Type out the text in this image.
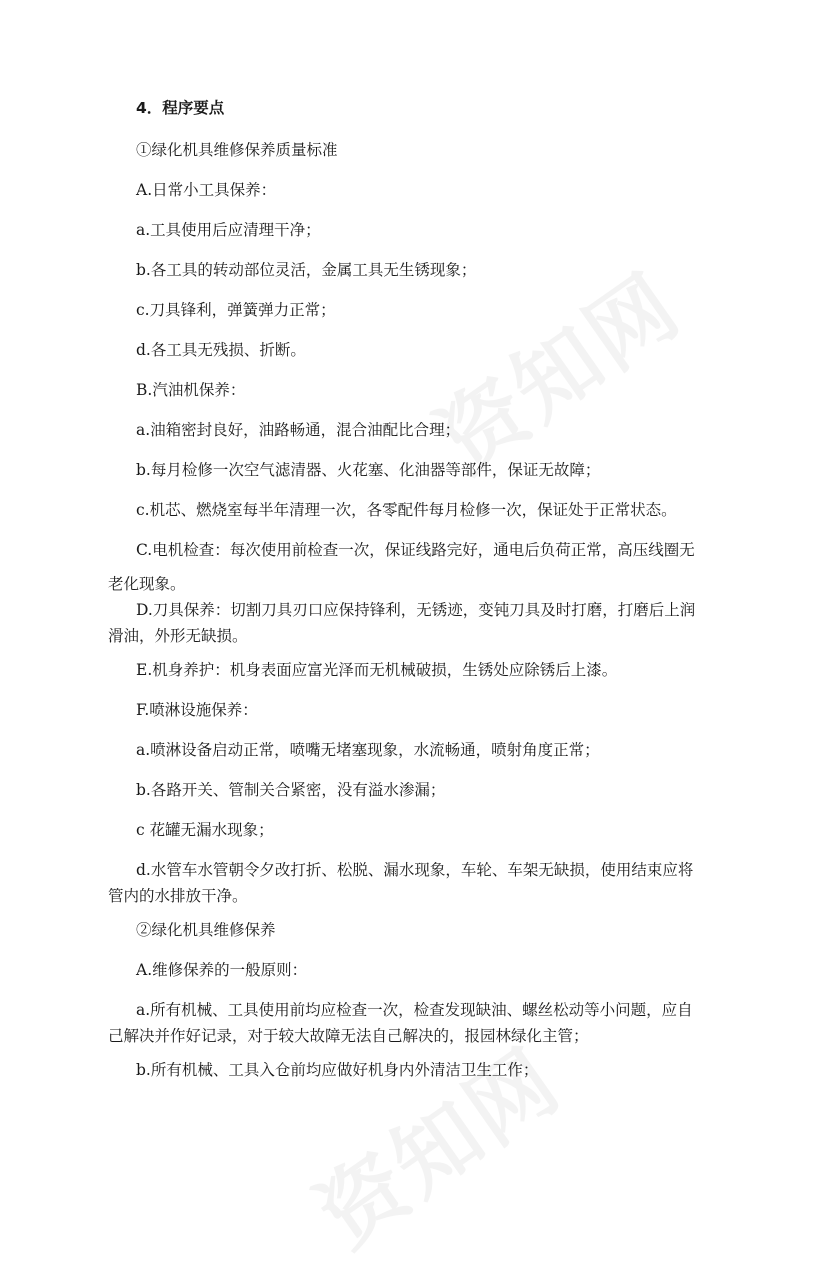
4．程序要点
①绿化机具维修保养质量标准
A.日常小工具保养：
a.工具使用后应清理干净；
b.各工具的转动部位灵活，金属工具无生锈现象；
c.刀具锋利，弹簧弹力正常；
d.各工具无残损、折断。
B.汽油机保养：
a.油箱密封良好，油路畅通，混合油配比合理；
b.每月检修一次空气滤清器、火花塞、化油器等部件，保证无故障；
c.机芯、燃烧室每半年清理一次，各零配件每月检修一次，保证处于正常状态。
C.电机检查：每次使用前检查一次，保证线路完好，通电后负荷正常，高压线圈无
老化现象。
D.刀具保养：切割刀具刃口应保持锋利，无锈迹，变钝刀具及时打磨，打磨后上润
滑油，外形无缺损。
E.机身养护：机身表面应富光泽而无机械破损，生锈处应除锈后上漆。
F.喷淋设施保养：
a.喷淋设备启动正常，喷嘴无堵塞现象，水流畅通，喷射角度正常；
b.各路开关、管制关合紧密，没有溢水渗漏；
c 花罐无漏水现象；
d.水管车水管朝令夕改打折、松脱、漏水现象，车轮、车架无缺损，使用结束应将
管内的水排放干净。
②绿化机具维修保养
A.维修保养的一般原则：
a.所有机械、工具使用前均应检查一次，检查发现缺油、螺丝松动等小问题，应自
己解决并作好记录，对于较大故障无法自己解决的，报园林绿化主管；
b.所有机械、工具入仓前均应做好机身内外清洁卫生工作；
